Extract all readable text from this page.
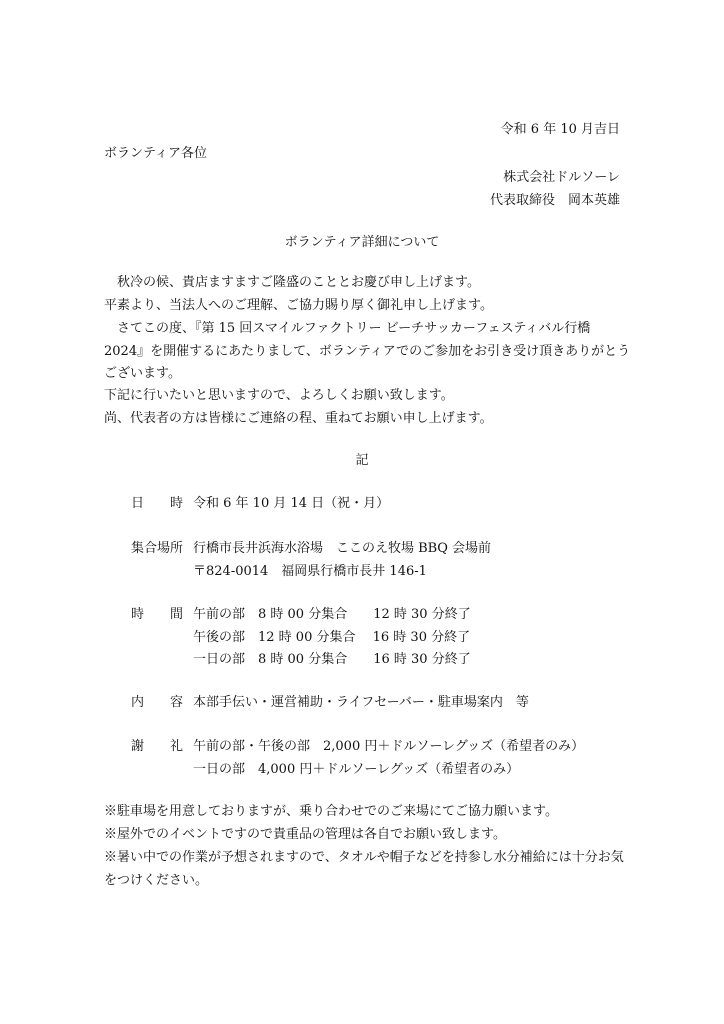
令和 6 年 10 月吉日
ボランティア各位
株式会社ドルソーレ
代表取締役　岡本英雄
ボランティア詳細について
　秋冷の候、貴店ますますご隆盛のこととお慶び申し上げます。
平素より、当法人へのご理解、ご協力賜り厚く御礼申し上げます。
　さてこの度、『第 15 回スマイルファクトリー ビーチサッカーフェスティバル行橋
2024』を開催するにあたりまして、ボランティアでのご参加をお引き受け頂きありがとう
ございます。
下記に行いたいと思いますので、よろしくお願い致します。
尚、代表者の方は皆様にご連絡の程、重ねてお願い申し上げます。
記
日　　時 令和 6 年 10 月 14 日（祝・月）
集合場所 行橋市長井浜海水浴場　ここのえ牧場 BBQ 会場前
〒824-0014　福岡県行橋市長井 146-1
時　　間 午前の部　8 時 00 分集合　　12 時 30 分終了
午後の部　12 時 00 分集合　 16 時 30 分終了
一日の部　8 時 00 分集合　　16 時 30 分終了
内　　容 本部手伝い・運営補助・ライフセーバー・駐車場案内　等
謝　　礼 午前の部・午後の部　2,000 円＋ドルソーレグッズ（希望者のみ）
一日の部　4,000 円＋ドルソーレグッズ（希望者のみ）
※駐車場を用意しておりますが、乗り合わせでのご来場にてご協力願います。
※屋外でのイベントですので貴重品の管理は各自でお願い致します。
※暑い中での作業が予想されますので、タオルや帽子などを持参し水分補給には十分お気
をつけください。
